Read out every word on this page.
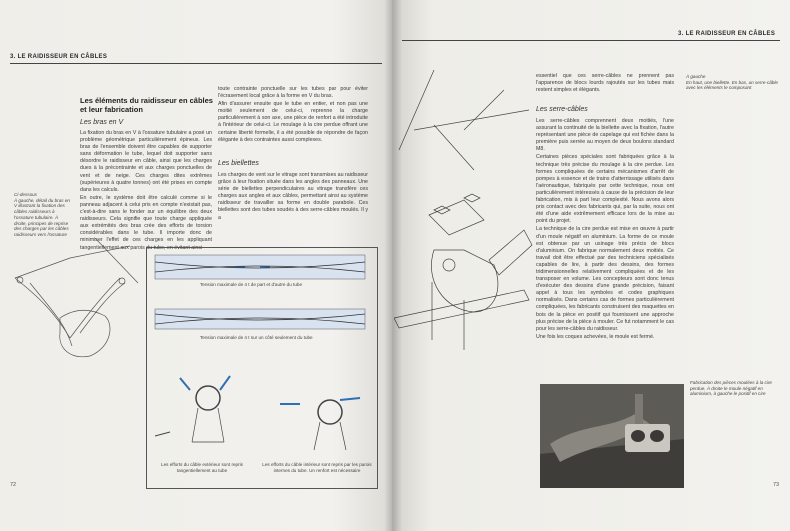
3. LE RAIDISSEUR EN CÂBLES
Les éléments du raidisseur en câbles et leur fabrication
Les bras en V

La fixation du bras en V à l'ossature tubulaire a posé un problème géométrique particulièrement épineux. Les bras de l'ensemble doivent être capables de supporter sans déformation le tube, lequel doit supporter sans désordre le raidisseur en câble, ainsi que les charges dues à la précontrainte et aux charges ponctuelles de vent et de neige. Ces charges dites extrêmes (supérieures à quatre tonnes) ont été prises en compte dans les calculs.

En outre, le système doit être calculé comme si le panneau adjacent à celui pris en compte n'existait pas, c'est-à-dire sans le fonder sur un équilibre des deux raidisseurs. Cela signifie que toute charge appliquée aux extrémités des bras crée des efforts de torsion considérables dans le tube. Il importe donc de minimiser l'effet de ces charges en les appliquant tangentiellement aux parois du tube, en évitant ainsi

toute contrainte ponctuelle sur les tubes par pour éviter l'écrasement local grâce à la forme en V du bras.

Afin d'assurer ensuite que le tube en entier, et non pas une moitié seulement de celui-ci, reprenne la charge particulièrement à son axe, une pièce de renfort a été introduite à l'intérieur de celui-ci. Le moulage à la cire perdue offrant une certaine liberté formelle, il a été possible de répondre de façon élégante à des contraintes aussi complexes.

Les biellettes

Les charges de vent sur le vitrage sont transmises au raidisseur grâce à leur fixation située dans les angles des panneaux. Une série de biellettes perpendiculaires au vitrage transfère ces charges aux angles et aux câbles, permettant ainsi au système raidisseur de travailler sa forme en double parabole. Ces biellettes sont des tubes soudés à des serre-câbles moulés. Il y a

Ci-dessous
À gauche, détail du bras en V illustrant la fixation des câbles raidisseurs à l'ossature tubulaire. À droite, principes de reprise des charges par les câbles raidisseurs vers l'ossature
Tension maximale de 4 t de part et d'autre du tube
Tension maximale de 4 t sur un côté seulement du tube
Les efforts du câble extérieur sont repris tangentiellement au tube
Les efforts du câble intérieur sont repris par les parois internes du tube. Un renfort est nécessaire
72
3. LE RAIDISSEUR EN CÂBLES
À gauche
En haut, une biellette. En bas, un serre-câble avec les éléments le composant
essentiel que ces serre-câbles ne prennent pas l'apparence de blocs lourds rajoutés sur les tubes mais restent simples et élégants.
Les serre-câbles

Les serre-câbles comprennent deux moitiés, l'une assurant la continuité de la biellette avec la fixation, l'autre représentant une pièce de capelage qui est fichée dans la première puis serrée au moyen de deux boulons standard M8.

Certaines pièces spéciales sont fabriquées grâce à la technique très précise du moulage à la cire perdue. Les formes compliquées de certains mécanismes d'arrêt de pompes à essence et de trains d'atterrissage utilisés dans l'aéronautique, fabriqués par cette technique, nous ont particulièrement intéressés à cause de la précision de leur fabrication, mis à part leur complexité. Nous avons alors pris contact avec des fabricants qui, par la suite, nous ont été d'une aide extrêmement efficace lors de la mise au point du projet.

La technique de la cire perdue est mise en œuvre à partir d'un moule négatif en aluminium. La forme de ce moule est obtenue par un usinage très précis de blocs d'aluminium. On fabrique normalement deux moitiés. Ce travail doit être effectué par des techniciens spécialisés capables de lire, à partir des dessins, des formes tridimensionnelles relativement compliquées et de les transposer en volume. Les concepteurs sont donc tenus d'exécuter des dessins d'une grande précision, faisant appel à tous les symboles et codes graphiques normalisés. Dans certains cas de formes particulièrement compliquées, les fabricants construisent des maquettes en bois de la pièce en positif qui fournissent une approche plus précise de la pièce à mouler. Ce fut notamment le cas pour les serre-câbles du raidisseur.

Une fois les coques achevées, le moule est fermé.

Fabrication des pièces moulées à la cire perdue. À droite le moule négatif en aluminium, à gauche le positif en cire
73
